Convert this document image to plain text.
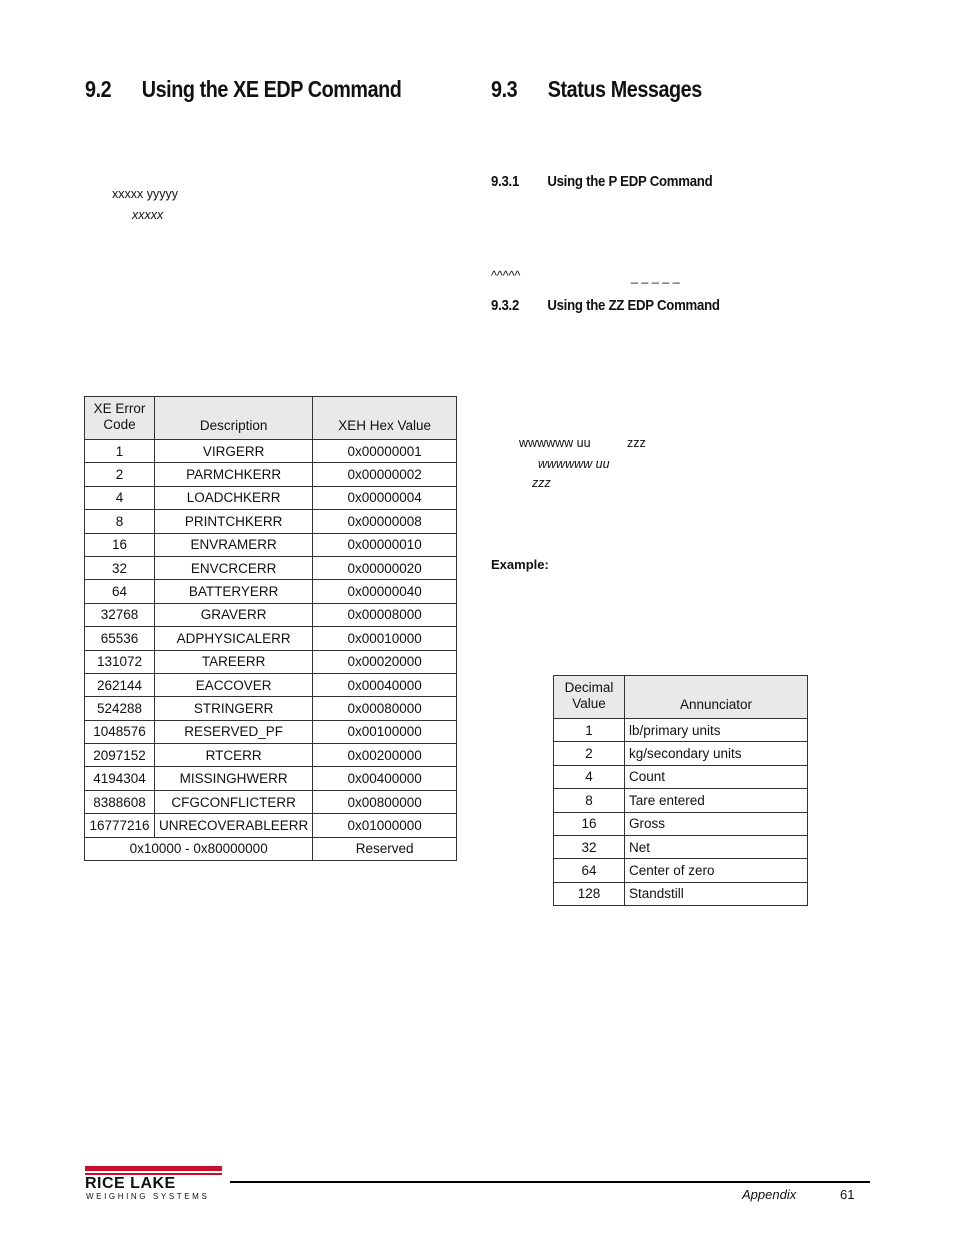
9.2 Using the XE EDP Command
xxxxx yyyyy
xxxxx
XE Error Code	Description	XEH Hex Value
1	VIRGERR	0x00000001
2	PARMCHKERR	0x00000002
4	LOADCHKERR	0x00000004
8	PRINTCHKERR	0x00000008
16	ENVRAMERR	0x00000010
32	ENVCRCERR	0x00000020
64	BATTERYERR	0x00000040
32768	GRAVERR	0x00008000
65536	ADPHYSICALERR	0x00010000
131072	TAREERR	0x00020000
262144	EACCOVER	0x00040000
524288	STRINGERR	0x00080000
1048576	RESERVED_PF	0x00100000
2097152	RTCERR	0x00200000
4194304	MISSINGHWERR	0x00400000
8388608	CFGCONFLICTERR	0x00800000
16777216	UNRECOVERABLEERR	0x01000000
0x10000 - 0x80000000		Reserved
9.3 Status Messages
9.3.1 Using the P EDP Command
^^^^^	_ _ _ _ _
9.3.2 Using the ZZ EDP Command
wwwwww uu	zzz
wwwwww uu
zzz
Example:
Decimal Value	Annunciator
1	lb/primary units
2	kg/secondary units
4	Count
8	Tare entered
16	Gross
32	Net
64	Center of zero
128	Standstill
RICE LAKE
WEIGHING SYSTEMS	Appendix	61
